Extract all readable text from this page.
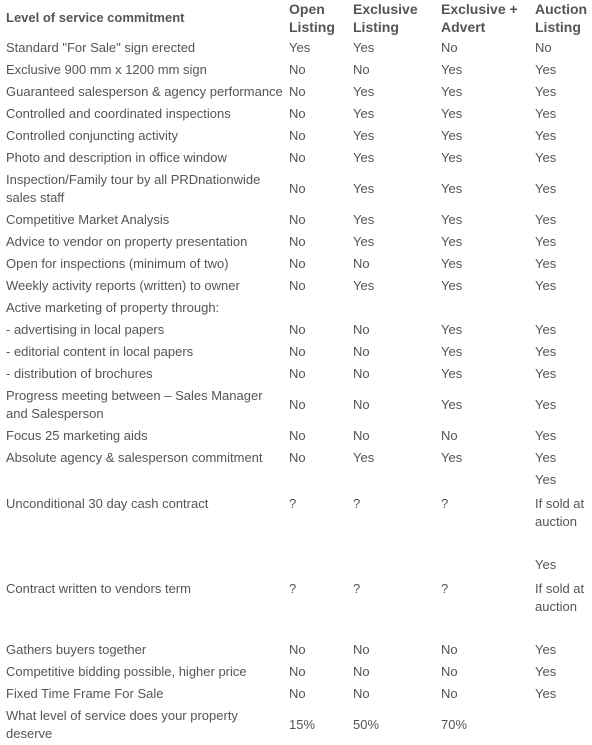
Level of service commitment	Open Listing	Exclusive Listing	Exclusive + Advert	Auction Listing
Standard "For Sale" sign erected	Yes	Yes	No	No
Exclusive 900 mm x 1200 mm sign	No	No	Yes	Yes
Guaranteed salesperson & agency performance	No	Yes	Yes	Yes
Controlled and coordinated inspections	No	Yes	Yes	Yes
Controlled conjuncting activity	No	Yes	Yes	Yes
Photo and description in office window	No	Yes	Yes	Yes
Inspection/Family tour by all PRDnationwide sales staff	No	Yes	Yes	Yes
Competitive Market Analysis	No	Yes	Yes	Yes
Advice to vendor on property presentation	No	Yes	Yes	Yes
Open for inspections (minimum of two)	No	No	Yes	Yes
Weekly activity reports (written) to owner	No	Yes	Yes	Yes
Active marketing of property through:				
- advertising in local papers	No	No	Yes	Yes
- editorial content in local papers	No	No	Yes	Yes
- distribution of brochures	No	No	Yes	Yes
Progress meeting between – Sales Manager and Salesperson	No	No	Yes	Yes
Focus 25 marketing aids	No	No	No	Yes
Absolute agency & salesperson commitment	No	Yes	Yes	Yes
				Yes
Unconditional 30 day cash contract	?	?	?	If sold at auction

				Yes
Contract written to vendors term	?	?	?	If sold at auction

Gathers buyers together	No	No	No	Yes
Competitive bidding possible, higher price	No	No	No	Yes
Fixed Time Frame For Sale	No	No	No	Yes
What level of service does your property deserve	15%	50%	70%	
